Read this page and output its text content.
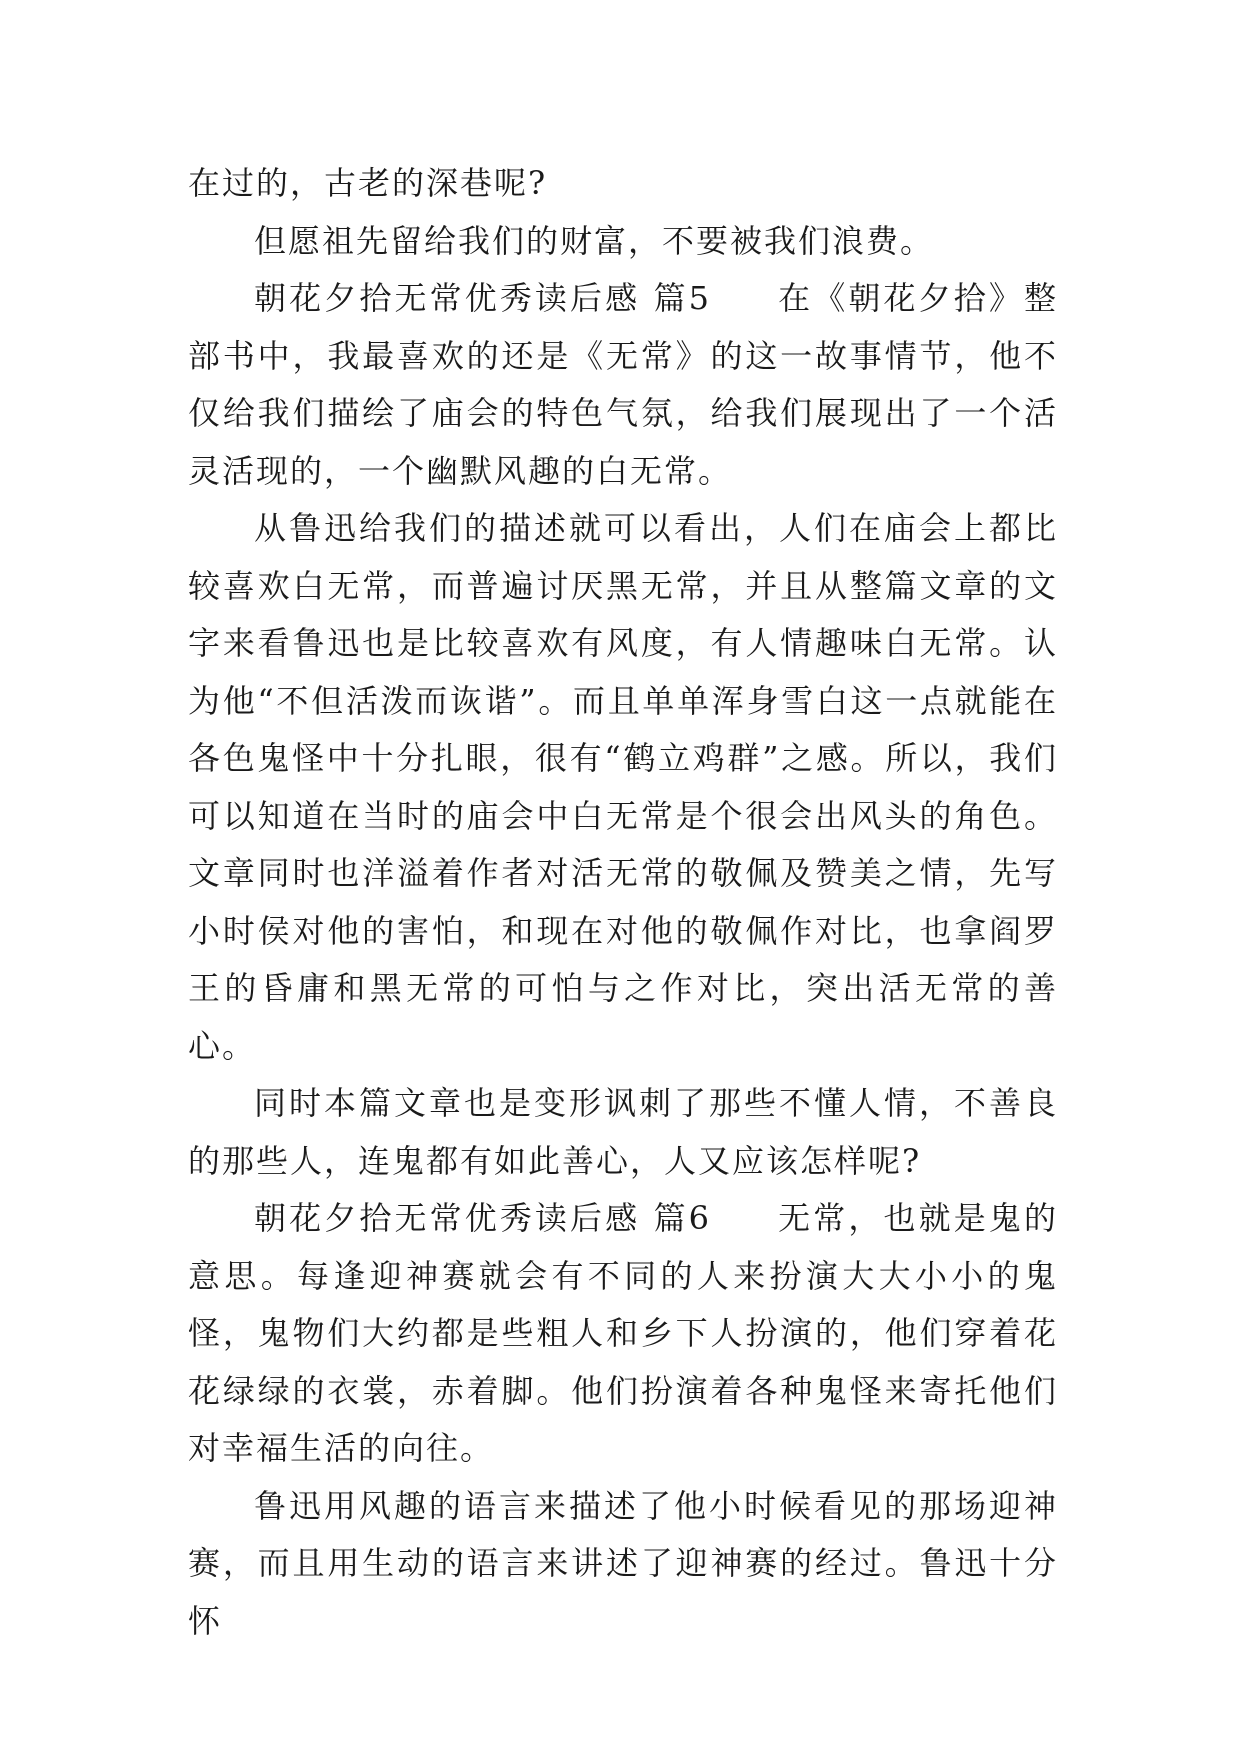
在过的，古老的深巷呢?

但愿祖先留给我们的财富，不要被我们浪费。

朝花夕拾无常优秀读后感 篇5 在《朝花夕拾》整部书中，我最喜欢的还是《无常》的这一故事情节，他不仅给我们描绘了庙会的特色气氛，给我们展现出了一个活灵活现的，一个幽默风趣的白无常。

从鲁迅给我们的描述就可以看出，人们在庙会上都比较喜欢白无常，而普遍讨厌黑无常，并且从整篇文章的文字来看鲁迅也是比较喜欢有风度，有人情趣味白无常。认为他“不但活泼而诙谐”。而且单单浑身雪白这一点就能在各色鬼怪中十分扎眼，很有“鹤立鸡群”之感。所以，我们可以知道在当时的庙会中白无常是个很会出风头的角色。文章同时也洋溢着作者对活无常的敬佩及赞美之情，先写小时侯对他的害怕，和现在对他的敬佩作对比，也拿阎罗王的昏庸和黑无常的可怕与之作对比，突出活无常的善心。

同时本篇文章也是变形讽刺了那些不懂人情，不善良的那些人，连鬼都有如此善心，人又应该怎样呢?

朝花夕拾无常优秀读后感 篇6 无常，也就是鬼的意思。每逢迎神赛就会有不同的人来扮演大大小小的鬼怪，鬼物们大约都是些粗人和乡下人扮演的，他们穿着花花绿绿的衣裳，赤着脚。他们扮演着各种鬼怪来寄托他们对幸福生活的向往。

鲁迅用风趣的语言来描述了他小时候看见的那场迎神赛，而且用生动的语言来讲述了迎神赛的经过。鲁迅十分怀
